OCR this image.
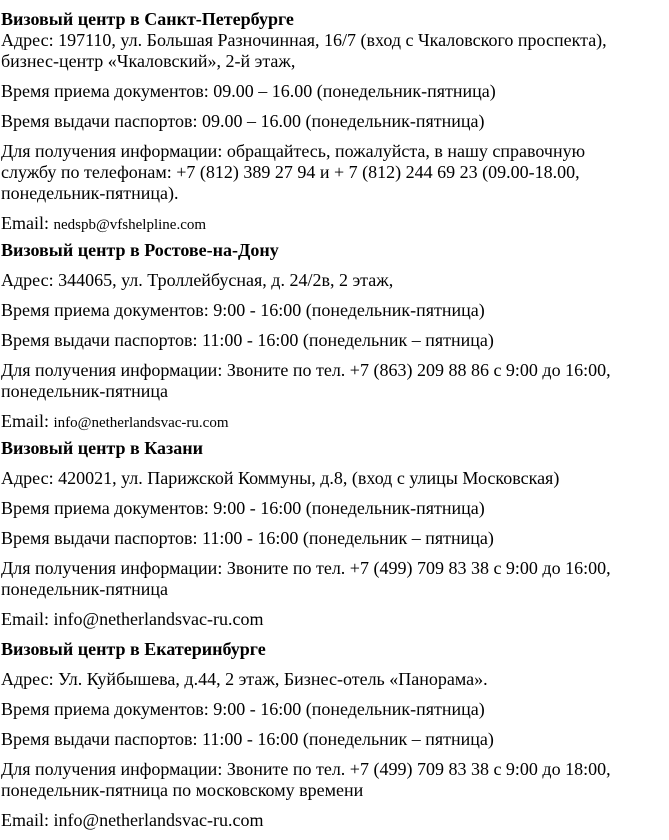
Визовый центр в Санкт-Петербурге

Адрес: 197110, ул. Большая Разночинная, 16/7 (вход с Чкаловского проспекта), бизнес-центр «Чкаловский», 2-й этаж,

Время приема документов: 09.00 – 16.00 (понедельник-пятница)

Время выдачи паспортов: 09.00 – 16.00 (понедельник-пятница)

Для получения информации: обращайтесь, пожалуйста, в нашу справочную службу по телефонам: +7 (812) 389 27 94 и + 7 (812) 244 69 23 (09.00-18.00, понедельник-пятница).

Email: nedspb@vfshelpline.com

Визовый центр в Ростове-на-Дону

Адрес: 344065, ул. Троллейбусная, д. 24/2в, 2 этаж,

Время приема документов: 9:00 - 16:00 (понедельник-пятница)

Время выдачи паспортов: 11:00 - 16:00 (понедельник – пятница)

Для получения информации: Звоните по тел. +7 (863) 209 88 86 с 9:00 до 16:00, понедельник-пятница

Email: info@netherlandsvac-ru.com

Визовый центр в Казани

Адрес: 420021, ул. Парижской Коммуны, д.8, (вход с улицы Московская)

Время приема документов: 9:00 - 16:00 (понедельник-пятница)

Время выдачи паспортов: 11:00 - 16:00 (понедельник – пятница)

Для получения информации: Звоните по тел. +7 (499) 709 83 38 с 9:00 до 16:00, понедельник-пятница

Email: info@netherlandsvac-ru.com

Визовый центр в Екатеринбурге

Адрес: Ул. Куйбышева, д.44, 2 этаж, Бизнес-отель «Панорама».

Время приема документов: 9:00 - 16:00 (понедельник-пятница)

Время выдачи паспортов: 11:00 - 16:00 (понедельник – пятница)

Для получения информации: Звоните по тел. +7 (499) 709 83 38 с 9:00 до 18:00, понедельник-пятница по московскому времени

Email: info@netherlandsvac-ru.com
